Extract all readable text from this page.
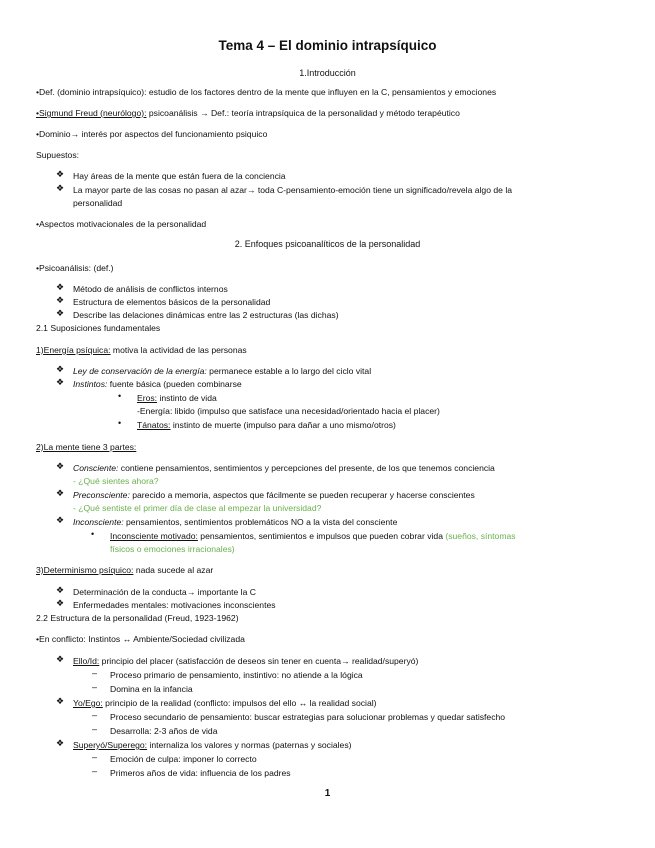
Tema 4 – El dominio intrapsíquico
1.Introducción
•Def. (dominio intrapsíquico): estudio de los factores dentro de la mente que influyen en la C, pensamientos y emociones
•Sigmund Freud (neurólogo): psicoanálisis → Def.: teoría intrapsíquica de la personalidad y método terapéutico
•Dominio→ interés por aspectos del funcionamiento psiquico
Supuestos:
❖ Hay áreas de la mente que están fuera de la conciencia
❖ La mayor parte de las cosas no pasan al azar→ toda C-pensamiento-emoción tiene un significado/revela algo de la
personalidad
•Aspectos motivacionales de la personalidad
2. Enfoques psicoanalíticos de la personalidad
•Psicoanálisis: (def.)
❖ Método de análisis de conflictos internos
❖ Estructura de elementos básicos de la personalidad
❖ Describe las delaciones dinámicas entre las 2 estructuras (las dichas)
2.1 Suposiciones fundamentales
1)Energía psíquica: motiva la actividad de las personas
❖ Ley de conservación de la energía: permanece estable a lo largo del ciclo vital
❖ Instintos: fuente básica (pueden combinarse
• Eros: instinto de vida
-Energía: libido (impulso que satisface una necesidad/orientado hacia el placer)
• Tánatos: instinto de muerte (impulso para dañar a uno mismo/otros)
2)La mente tiene 3 partes:
❖ Consciente: contiene pensamientos, sentimientos y percepciones del presente, de los que tenemos conciencia
- ¿Qué sientes ahora?
❖ Preconsciente: parecido a memoria, aspectos que fácilmente se pueden recuperar y hacerse conscientes
- ¿Qué sentiste el primer día de clase al empezar la universidad?
❖ Inconsciente: pensamientos, sentimientos problemáticos NO a la vista del consciente
• Inconsciente motivado: pensamientos, sentimientos e impulsos que pueden cobrar vida (sueños, síntomas
físicos o emociones irracionales)
3)Determinismo psíquico: nada sucede al azar
❖ Determinación de la conducta→ importante la C
❖ Enfermedades mentales: motivaciones inconscientes
2.2 Estructura de la personalidad (Freud, 1923-1962)
•En conflicto: Instintos ↔ Ambiente/Sociedad civilizada
❖ Ello/Id: principio del placer (satisfacción de deseos sin tener en cuenta→ realidad/superyó)
– Proceso primario de pensamiento, instintivo: no atiende a la lógica
– Domina en la infancia
❖ Yo/Ego: principio de la realidad (conflicto: impulsos del ello ↔ la realidad social)
– Proceso secundario de pensamiento: buscar estrategias para solucionar problemas y quedar satisfecho
– Desarrolla: 2-3 años de vida
❖ Superyó/Superego: internaliza los valores y normas (paternas y sociales)
– Emoción de culpa: imponer lo correcto
– Primeros años de vida: influencia de los padres
1
